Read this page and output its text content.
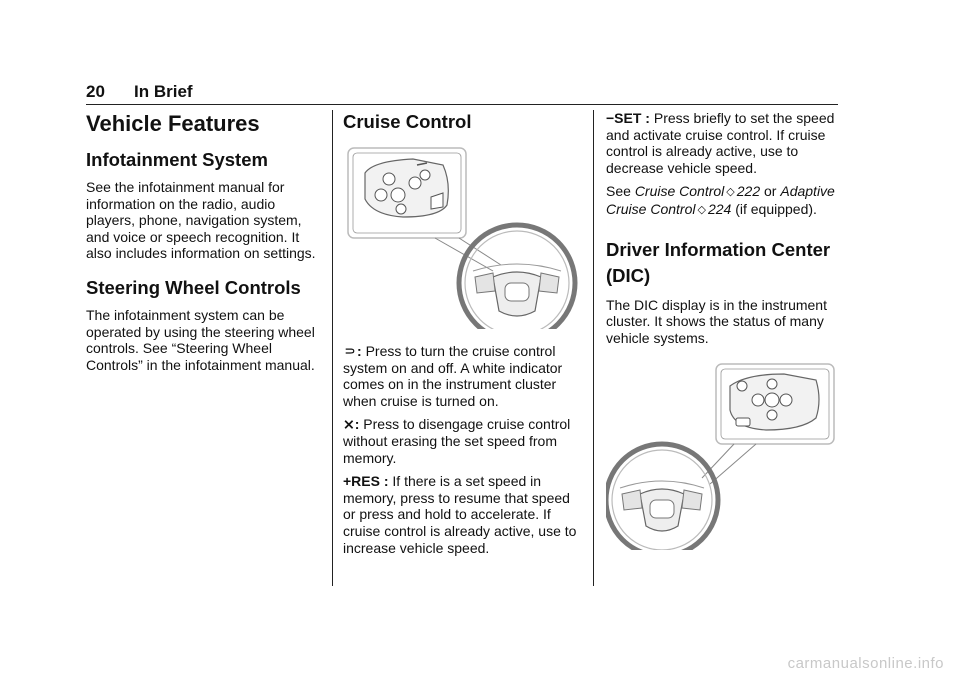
20 In Brief
Vehicle Features
Infotainment System

See the infotainment manual for information on the radio, audio players, phone, navigation system, and voice or speech recognition. It also includes information on settings.

Steering Wheel Controls

The infotainment system can be operated by using the steering wheel controls. See “Steering Wheel Controls” in the infotainment manual.

Cruise Control

⸧: Press to turn the cruise control system on and off. A white indicator comes on in the instrument cluster when cruise is turned on.

⨯: Press to disengage cruise control without erasing the set speed from memory.

+RES : If there is a set speed in memory, press to resume that speed or press and hold to accelerate. If cruise control is already active, use to increase vehicle speed.

−SET : Press briefly to set the speed and activate cruise control. If cruise control is already active, use to decrease vehicle speed.

See Cruise Control ◇ 222 or Adaptive Cruise Control ◇ 224 (if equipped).

Driver Information Center (DIC)

The DIC display is in the instrument cluster. It shows the status of many vehicle systems.

carmanualsonline.info
